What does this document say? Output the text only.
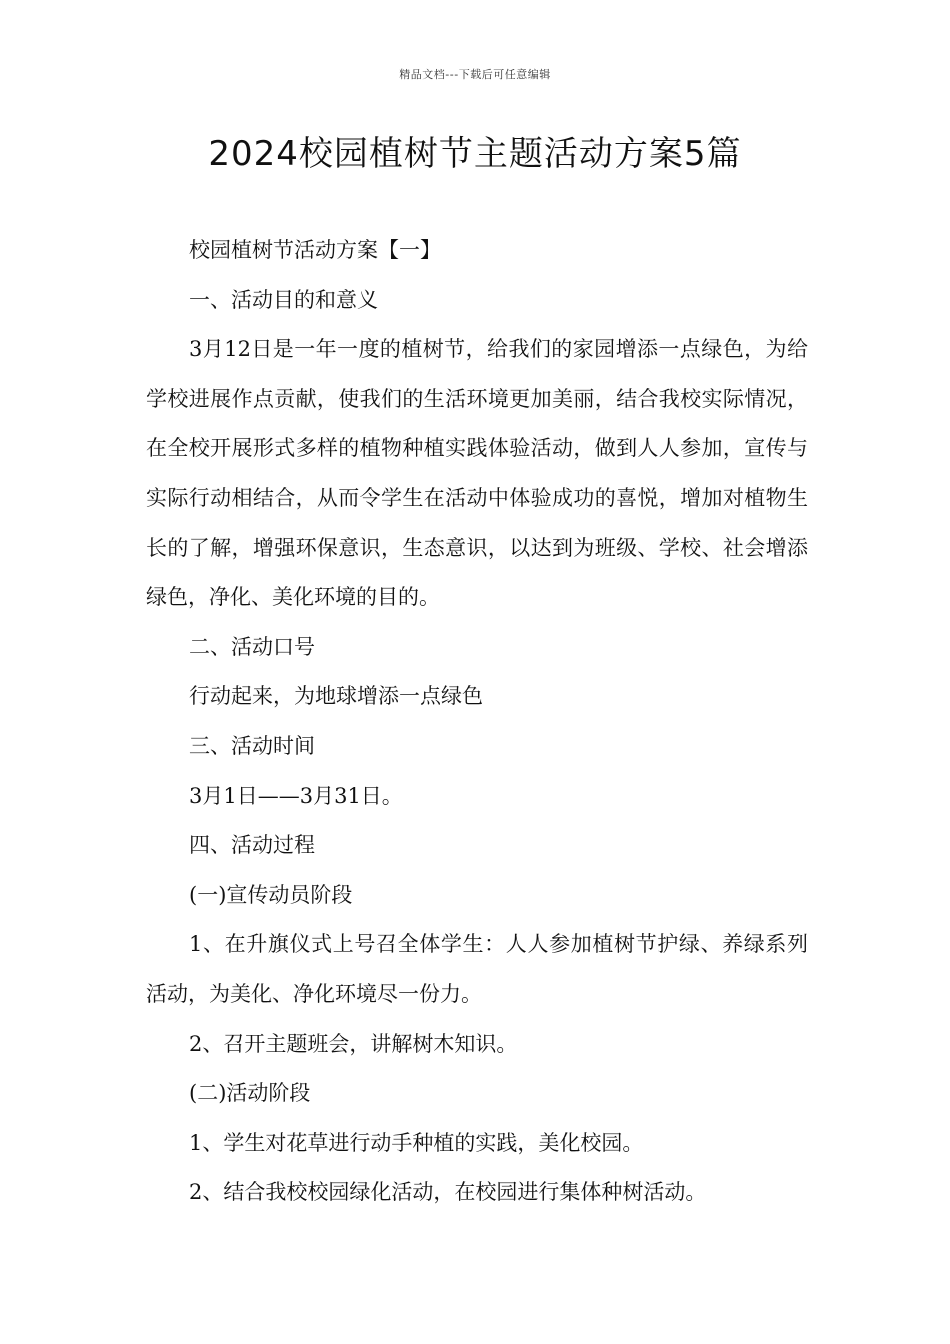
精品文档---下载后可任意编辑
2024校园植树节主题活动方案5篇

校园植树节活动方案【一】

一、活动目的和意义

3月12日是一年一度的植树节，给我们的家园增添一点绿色，为给学校进展作点贡献，使我们的生活环境更加美丽，结合我校实际情况，在全校开展形式多样的植物种植实践体验活动，做到人人参加，宣传与实际行动相结合，从而令学生在活动中体验成功的喜悦，增加对植物生长的了解，增强环保意识，生态意识，以达到为班级、学校、社会增添绿色，净化、美化环境的目的。

二、活动口号

行动起来，为地球增添一点绿色

三、活动时间

3月1日——3月31日。

四、活动过程

(一)宣传动员阶段

1、在升旗仪式上号召全体学生：人人参加植树节护绿、养绿系列活动，为美化、净化环境尽一份力。

2、召开主题班会，讲解树木知识。

(二)活动阶段

1、学生对花草进行动手种植的实践，美化校园。

2、结合我校校园绿化活动，在校园进行集体种树活动。
